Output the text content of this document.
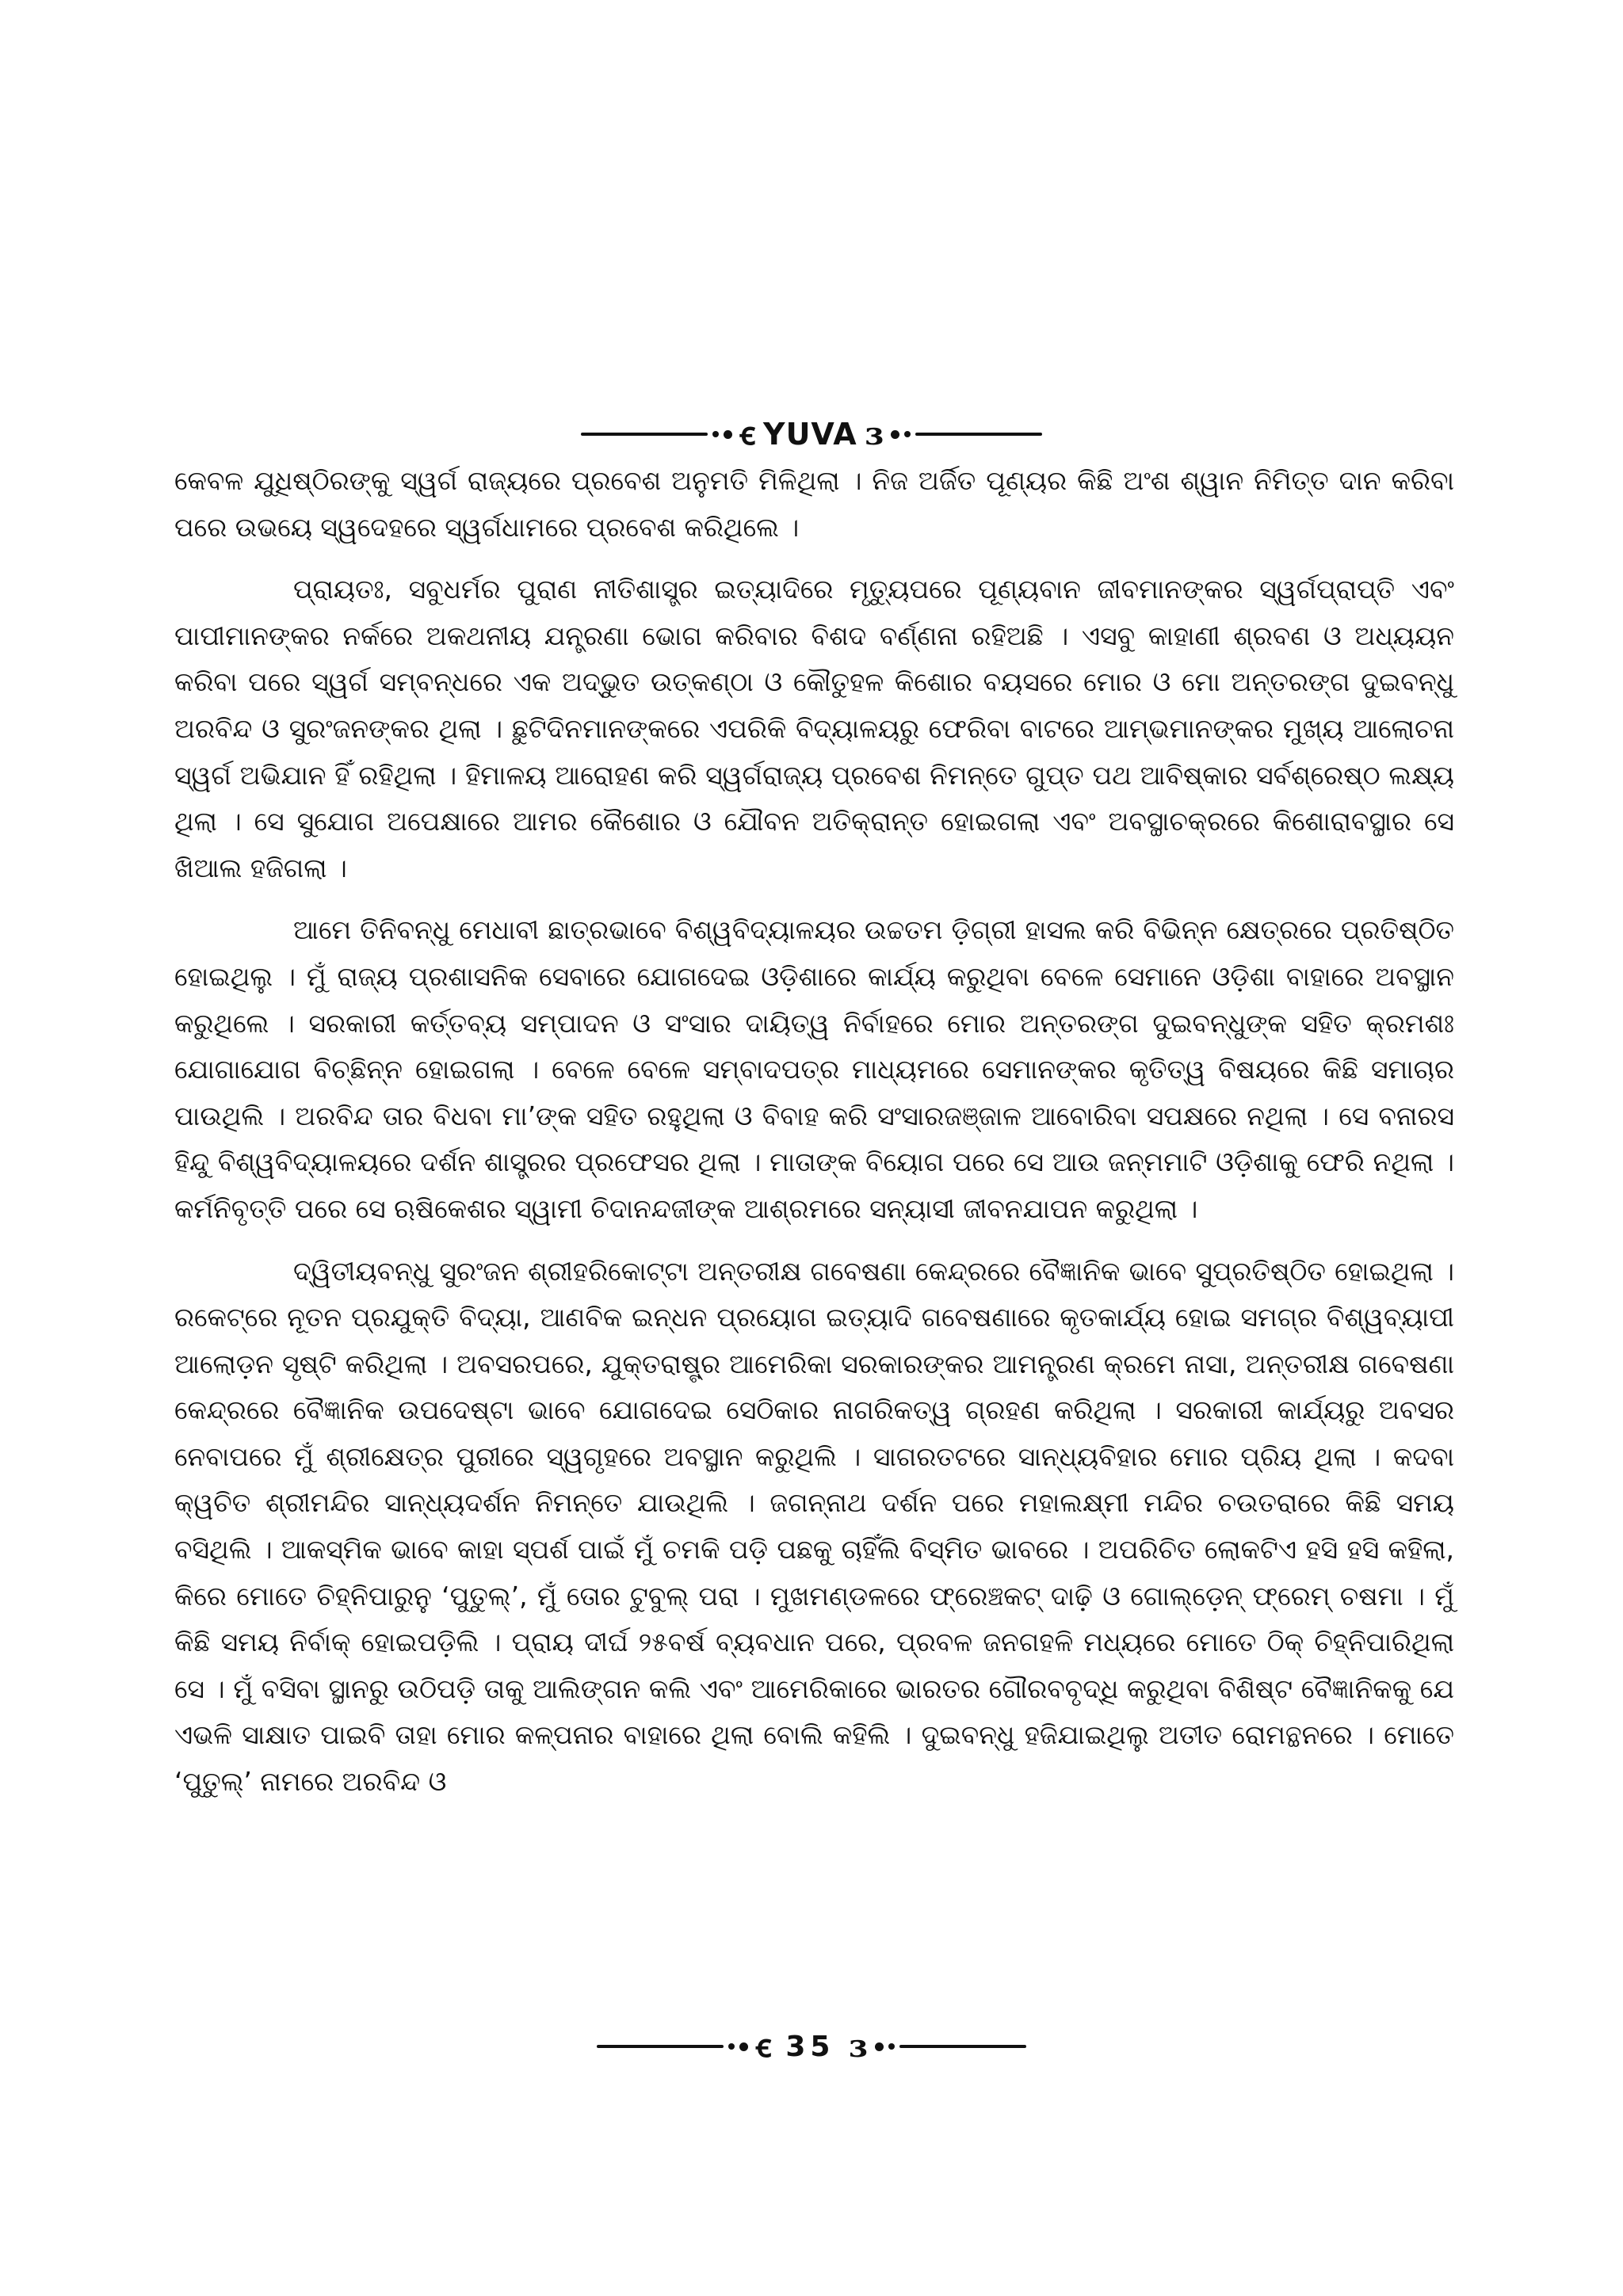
ꞓ YUVA ɜ

କେବଳ ଯୁଧିଷ୍ଠିରଙ୍କୁ ସ୍ୱର୍ଗ ରାଜ୍ୟରେ ପ୍ରବେଶ ଅନୁମତି ମିଳିଥିଲା । ନିଜ ଅର୍ଜିତ ପୂଣ୍ୟର କିଛି ଅଂଶ ଶ୍ୱାନ ନିମିତ୍ତ ଦାନ କରିବା ପରେ ଉଭୟେ ସ୍ୱଦେହରେ ସ୍ୱର୍ଗଧାମରେ ପ୍ରବେଶ କରିଥିଲେ ।

ପ୍ରାୟତଃ, ସବୁଧର୍ମର ପୁରାଣ ନୀତିଶାସ୍ତ୍ର ଇତ୍ୟାଦିରେ ମୃତ୍ୟୁପରେ ପୂଣ୍ୟବାନ ଜୀବମାନଙ୍କର ସ୍ୱର୍ଗପ୍ରାପ୍ତି ଏବଂ ପାପୀମାନଙ୍କର ନର୍କରେ ଅକଥନୀୟ ଯନ୍ତ୍ରଣା ଭୋଗ କରିବାର ବିଶଦ ବର୍ଣ୍ଣନା ରହିଅଛି । ଏସବୁ କାହାଣୀ ଶ୍ରବଣ ଓ ଅଧ୍ୟୟନ କରିବା ପରେ ସ୍ୱର୍ଗ ସମ୍ବନ୍ଧରେ ଏକ ଅଦ୍ଭୁତ ଉତ୍କଣ୍ଠା ଓ କୌତୁହଳ କିଶୋର ବୟସରେ ମୋର ଓ ମୋ ଅନ୍ତରଙ୍ଗ ଦୁଇବନ୍ଧୁ ଅରବିନ୍ଦ ଓ ସୁରଂଜନଙ୍କର ଥିଲା । ଛୁଟିଦିନମାନଙ୍କରେ ଏପରିକି ବିଦ୍ୟାଳୟରୁ ଫେରିବା ବାଟରେ ଆମ୍ଭମାନଙ୍କର ମୁଖ୍ୟ ଆଲୋଚନା ସ୍ୱର୍ଗ ଅଭିଯାନ ହିଁ ରହିଥିଲା । ହିମାଳୟ ଆରୋହଣ କରି ସ୍ୱର୍ଗରାଜ୍ୟ ପ୍ରବେଶ ନିମନ୍ତେ ଗୁପ୍ତ ପଥ ଆବିଷ୍କାର ସର୍ବଶ୍ରେଷ୍ଠ ଲକ୍ଷ୍ୟ ଥିଲା । ସେ ସୁଯୋଗ ଅପେକ୍ଷାରେ ଆମର କୈଶୋର ଓ ଯୌବନ ଅତିକ୍ରାନ୍ତ ହୋଇଗଲା ଏବଂ ଅବସ୍ଥାଚକ୍ରରେ କିଶୋରାବସ୍ଥାର ସେ ଖିଆଲ ହଜିଗଲା ।

ଆମେ ତିନିବନ୍ଧୁ ମେଧାବୀ ଛାତ୍ରଭାବେ ବିଶ୍ୱବିଦ୍ୟାଳୟର ଉଚ୍ଚତମ ଡ଼ିଗ୍ରୀ ହାସଲ କରି ବିଭିନ୍ନ କ୍ଷେତ୍ରରେ ପ୍ରତିଷ୍ଠିତ ହୋଇଥିଲୁ । ମୁଁ ରାଜ୍ୟ ପ୍ରଶାସନିକ ସେବାରେ ଯୋଗଦେଇ ଓଡ଼ିଶାରେ କାର୍ଯ୍ୟ କରୁଥିବା ବେଳେ ସେମାନେ ଓଡ଼ିଶା ବାହାରେ ଅବସ୍ଥାନ କରୁଥିଲେ । ସରକାରୀ କର୍ତ୍ତବ୍ୟ ସମ୍ପାଦନ ଓ ସଂସାର ଦାୟିତ୍ୱ ନିର୍ବାହରେ ମୋର ଅନ୍ତରଙ୍ଗ ଦୁଇବନ୍ଧୁଙ୍କ ସହିତ କ୍ରମଶଃ ଯୋଗାଯୋଗ ବିଚ୍ଛିନ୍ନ ହୋଇଗଲା । ବେଳେ ବେଳେ ସମ୍ବାଦପତ୍ର ମାଧ୍ୟମରେ ସେମାନଙ୍କର କୃତିତ୍ୱ ବିଷୟରେ କିଛି ସମାଚାର ପାଉଥିଲି । ଅରବିନ୍ଦ ତାର ବିଧବା ମା’ଙ୍କ ସହିତ ରହୁଥିଲା ଓ ବିବାହ କରି ସଂସାରଜଞ୍ଜାଳ ଆବୋରିବା ସପକ୍ଷରେ ନଥିଲା । ସେ ବନାରସ ହିନ୍ଦୁ ବିଶ୍ୱବିଦ୍ୟାଳୟରେ ଦର୍ଶନ ଶାସ୍ତ୍ରର ପ୍ରଫେସର ଥିଲା । ମାତାଙ୍କ ବିୟୋଗ ପରେ ସେ ଆଉ ଜନ୍ମମାଟି ଓଡ଼ିଶାକୁ ଫେରି ନଥିଲା । କର୍ମନିବୃତ୍ତି ପରେ ସେ ଋଷିକେଶର ସ୍ୱାମୀ ଚିଦାନନ୍ଦଜୀଙ୍କ ଆଶ୍ରମରେ ସନ୍ୟାସୀ ଜୀବନଯାପନ କରୁଥିଲା ।

ଦ୍ୱିତୀୟବନ୍ଧୁ ସୁରଂଜନ ଶ୍ରୀହରିକୋଟ୍ଟା ଅନ୍ତରୀକ୍ଷ ଗବେଷଣା କେନ୍ଦ୍ରରେ ବୈଜ୍ଞାନିକ ଭାବେ ସୁପ୍ରତିଷ୍ଠିତ ହୋଇଥିଲା । ରକେଟ୍‌ରେ ନୂତନ ପ୍ରଯୁକ୍ତି ବିଦ୍ୟା, ଆଣବିକ ଇନ୍ଧନ ପ୍ରୟୋଗ ଇତ୍ୟାଦି ଗବେଷଣାରେ କୃତକାର୍ଯ୍ୟ ହୋଇ ସମଗ୍ର ବିଶ୍ୱବ୍ୟାପୀ ଆଲୋଡ଼ନ ସୃଷ୍ଟି କରିଥିଲା । ଅବସରପରେ, ଯୁକ୍ତରାଷ୍ଟ୍ର ଆମେରିକା ସରକାରଙ୍କର ଆମନ୍ତ୍ରଣ କ୍ରମେ ନାସା, ଅନ୍ତରୀକ୍ଷ ଗବେଷଣା କେନ୍ଦ୍ରରେ ବୈଜ୍ଞାନିକ ଉପଦେଷ୍ଟା ଭାବେ ଯୋଗଦେଇ ସେଠିକାର ନାଗରିକତ୍ୱ ଗ୍ରହଣ କରିଥିଲା । ସରକାରୀ କାର୍ଯ୍ୟରୁ ଅବସର ନେବାପରେ ମୁଁ ଶ୍ରୀକ୍ଷେତ୍ର ପୁରୀରେ ସ୍ୱଗୃହରେ ଅବସ୍ଥାନ କରୁଥିଲି । ସାଗରତଟରେ ସାନ୍ଧ୍ୟବିହାର ମୋର ପ୍ରିୟ ଥିଲା । କଦବା କ୍ୱଚିତ ଶ୍ରୀମନ୍ଦିର ସାନ୍ଧ୍ୟଦର୍ଶନ ନିମନ୍ତେ ଯାଉଥିଲି । ଜଗନ୍ନାଥ ଦର୍ଶନ ପରେ ମହାଲକ୍ଷ୍ମୀ ମନ୍ଦିର ଚଉତରାରେ କିଛି ସମୟ ବସିଥିଲି । ଆକସ୍ମିକ ଭାବେ କାହା ସ୍ପର୍ଶ ପାଇଁ ମୁଁ ଚମକି ପଡ଼ି ପଛକୁ ଚାହିଁଲି ବିସ୍ମିତ ଭାବରେ । ଅପରିଚିତ ଲୋକଟିଏ ହସି ହସି କହିଲା, କିରେ ମୋତେ ଚିହ୍ନିପାରୁନୁ ‘ପୁତୁଲ୍’, ମୁଁ ତୋର ଟୁବୁଲ୍ ପରା । ମୁଖମଣ୍ଡଳରେ ଫ୍ରେଞ୍ଚକଟ୍ ଦାଢ଼ି ଓ ଗୋଲ୍ଡ଼େନ୍ ଫ୍ରେମ୍ ଚଷମା । ମୁଁ କିଛି ସମୟ ନିର୍ବାକ୍ ହୋଇପଡ଼ିଲି । ପ୍ରାୟ ଦୀର୍ଘ ୨୫ବର୍ଷ ବ୍ୟବଧାନ ପରେ, ପ୍ରବଳ ଜନଗହଳି ମଧ୍ୟରେ ମୋତେ ଠିକ୍ ଚିହ୍ନିପାରିଥିଲା ସେ । ମୁଁ ବସିବା ସ୍ଥାନରୁ ଉଠିପଡ଼ି ତାକୁ ଆଲିଙ୍ଗନ କଲି ଏବଂ ଆମେରିକାରେ ଭାରତର ଗୌରବବୃଦ୍ଧି କରୁଥିବା ବିଶିଷ୍ଟ ବୈଜ୍ଞାନିକକୁ ଯେ ଏଭଳି ସାକ୍ଷାତ ପାଇବି ତାହା ମୋର କଳ୍ପନାର ବାହାରେ ଥିଲା ବୋଲି କହିଲି । ଦୁଇବନ୍ଧୁ ହଜିଯାଇଥିଲୁ ଅତୀତ ରୋମନ୍ଥନରେ । ମୋତେ ‘ପୁତୁଲ୍’ ନାମରେ ଅରବିନ୍ଦ ଓ

ꞓ 35 ɜ
